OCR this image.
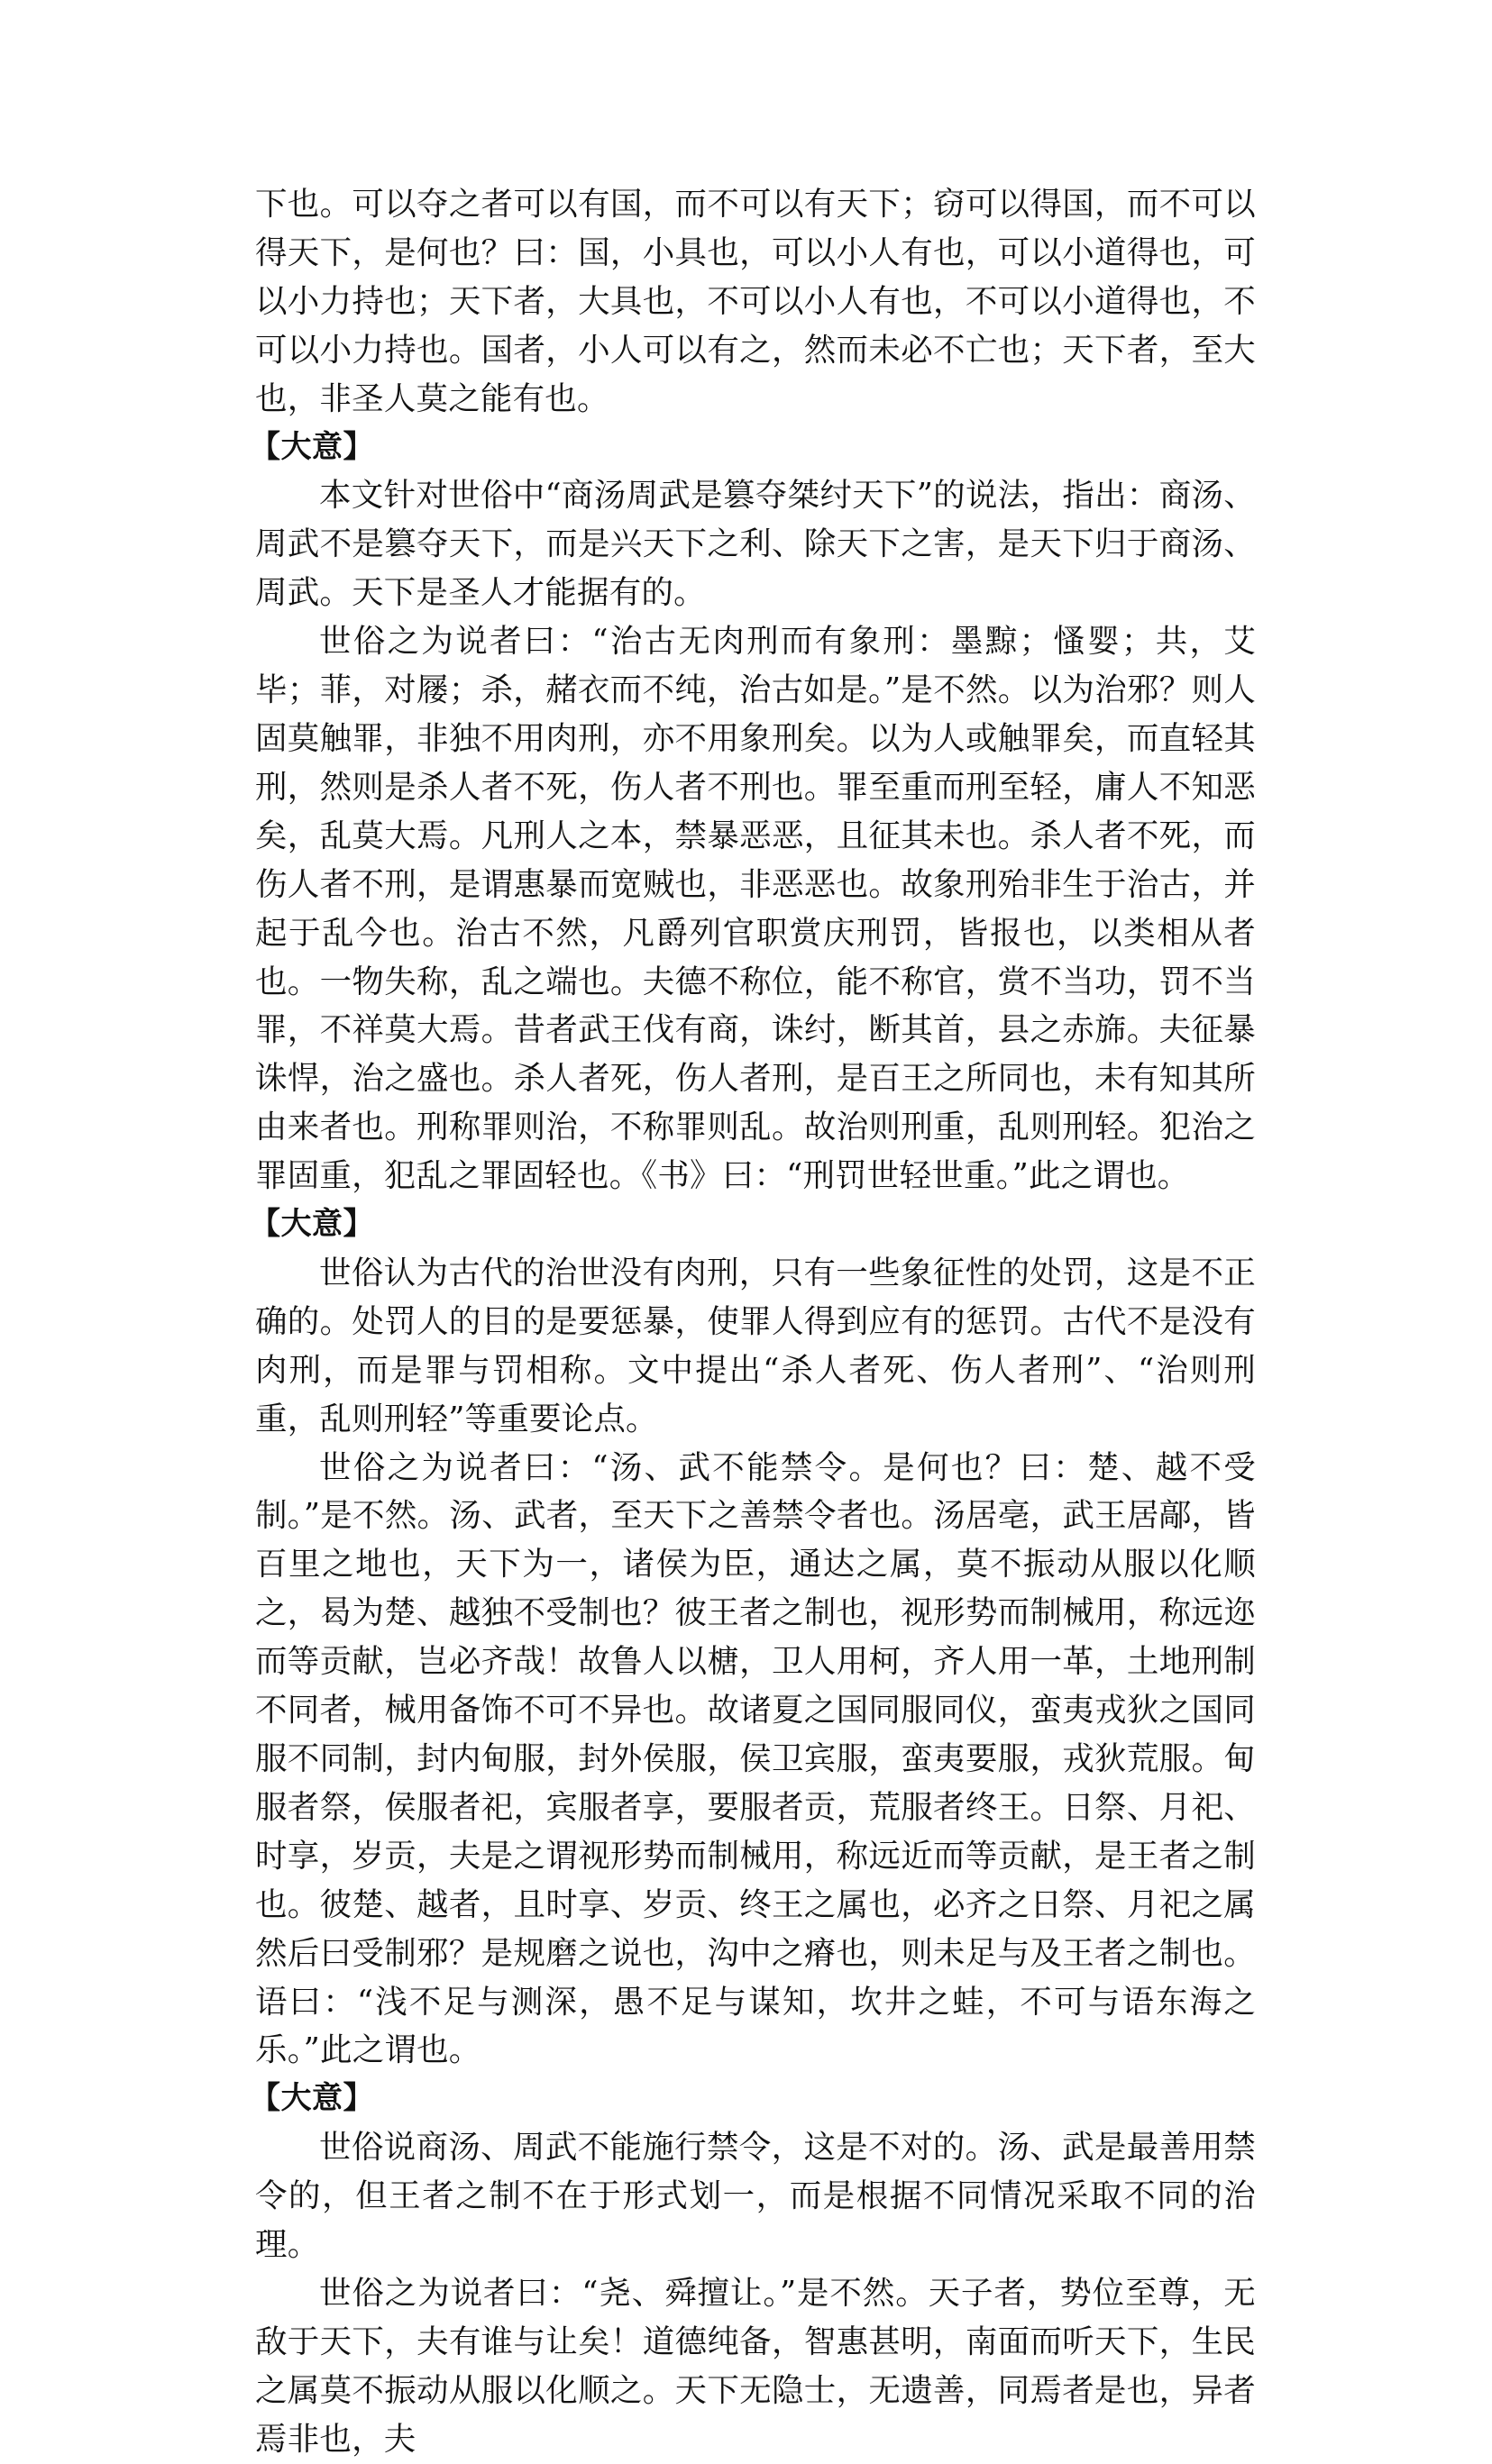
下也。可以夺之者可以有国，而不可以有天下；窃可以得国，而不可以得天下，是何也？曰：国，小具也，可以小人有也，可以小道得也，可以小力持也；天下者，大具也，不可以小人有也，不可以小道得也，不可以小力持也。国者，小人可以有之，然而未必不亡也；天下者，至大也，非圣人莫之能有也。

【大意】

本文针对世俗中“商汤周武是篡夺桀纣天下”的说法，指出：商汤、周武不是篡夺天下，而是兴天下之利、除天下之害，是天下归于商汤、周武。天下是圣人才能据有的。

世俗之为说者曰：“治古无肉刑而有象刑：墨黥；慅婴；共，艾毕；菲，对屦；杀，赭衣而不纯，治古如是。”是不然。以为治邪？则人固莫触罪，非独不用肉刑，亦不用象刑矣。以为人或触罪矣，而直轻其刑，然则是杀人者不死，伤人者不刑也。罪至重而刑至轻，庸人不知恶矣，乱莫大焉。凡刑人之本，禁暴恶恶，且征其未也。杀人者不死，而伤人者不刑，是谓惠暴而宽贼也，非恶恶也。故象刑殆非生于治古，并起于乱今也。治古不然，凡爵列官职赏庆刑罚，皆报也，以类相从者也。一物失称，乱之端也。夫德不称位，能不称官，赏不当功，罚不当罪，不祥莫大焉。昔者武王伐有商，诛纣，断其首，县之赤旆。夫征暴诛悍，治之盛也。杀人者死，伤人者刑，是百王之所同也，未有知其所由来者也。刑称罪则治，不称罪则乱。故治则刑重，乱则刑轻。犯治之罪固重，犯乱之罪固轻也。《书》曰：“刑罚世轻世重。”此之谓也。

【大意】

世俗认为古代的治世没有肉刑，只有一些象征性的处罚，这是不正确的。处罚人的目的是要惩暴，使罪人得到应有的惩罚。古代不是没有肉刑，而是罪与罚相称。文中提出“杀人者死、伤人者刑”、“治则刑重，乱则刑轻”等重要论点。

世俗之为说者曰：“汤、武不能禁令。是何也？曰：楚、越不受制。”是不然。汤、武者，至天下之善禁令者也。汤居亳，武王居鄗，皆百里之地也，天下为一，诸侯为臣，通达之属，莫不振动从服以化顺之，曷为楚、越独不受制也？彼王者之制也，视形势而制械用，称远迩而等贡献，岂必齐哉！故鲁人以榶，卫人用柯，齐人用一革，土地刑制不同者，械用备饰不可不异也。故诸夏之国同服同仪，蛮夷戎狄之国同服不同制，封内甸服，封外侯服，侯卫宾服，蛮夷要服，戎狄荒服。甸服者祭，侯服者祀，宾服者享，要服者贡，荒服者终王。日祭、月祀、时享，岁贡，夫是之谓视形势而制械用，称远近而等贡献，是王者之制也。彼楚、越者，且时享、岁贡、终王之属也，必齐之日祭、月祀之属然后曰受制邪？是规磨之说也，沟中之瘠也，则未足与及王者之制也。语曰：“浅不足与测深，愚不足与谋知，坎井之蛙，不可与语东海之乐。”此之谓也。

【大意】

世俗说商汤、周武不能施行禁令，这是不对的。汤、武是最善用禁令的，但王者之制不在于形式划一，而是根据不同情况采取不同的治理。

世俗之为说者曰：“尧、舜擅让。”是不然。天子者，势位至尊，无敌于天下，夫有谁与让矣！道德纯备，智惠甚明，南面而听天下，生民之属莫不振动从服以化顺之。天下无隐士，无遗善，同焉者是也，异者焉非也，夫
